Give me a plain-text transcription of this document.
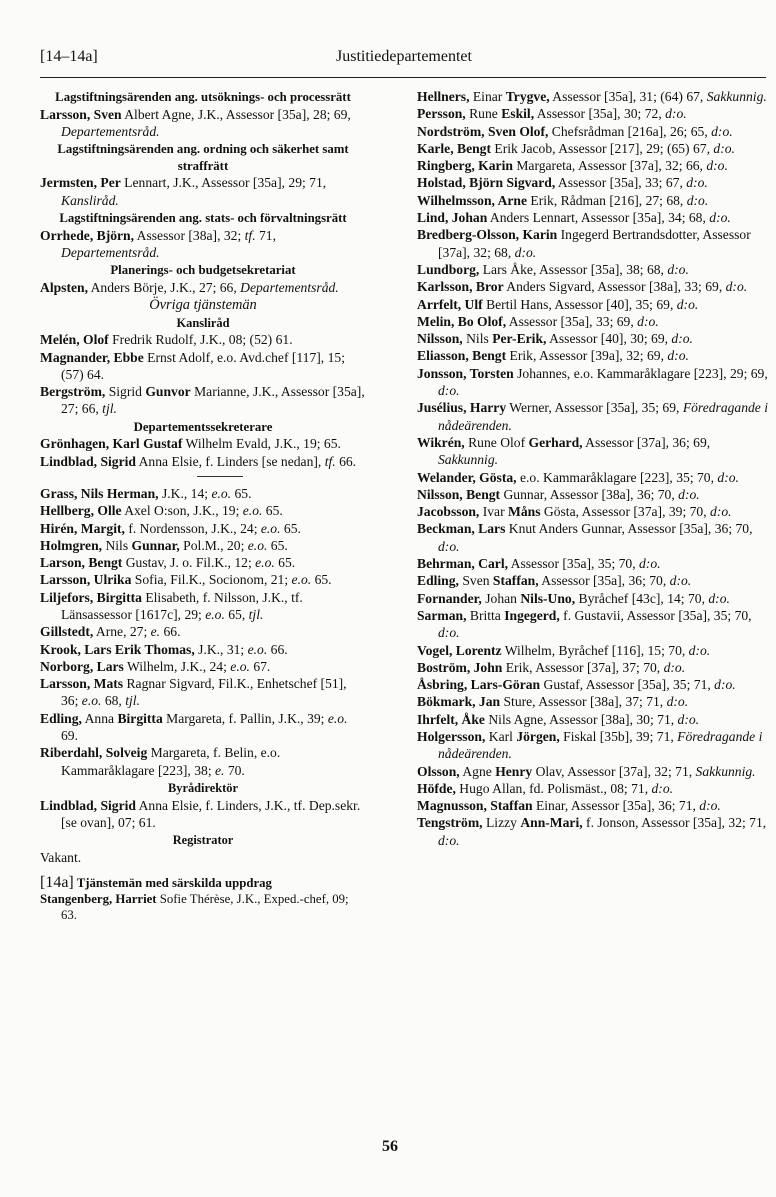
[14–14a]	Justitiedepartementet
Lagstiftningsärenden ang. utsöknings- och processrätt
Larsson, Sven Albert Agne, J.K., Assessor [35a], 28; 69, Departementsråd.
Lagstiftningsärenden ang. ordning och säkerhet samt straffrätt
Jermsten, Per Lennart, J.K., Assessor [35a], 29; 71, Kansliråd.
Lagstiftningsärenden ang. stats- och förvaltningsrätt
Orrhede, Björn, Assessor [38a], 32; tf. 71, Departementsråd.
Planerings- och budgetsekretariat
Alpsten, Anders Börje, J.K., 27; 66, Departementsråd.
Övriga tjänstemän
Kansliråd
Melén, Olof Fredrik Rudolf, J.K., 08; (52) 61.
Magnander, Ebbe Ernst Adolf, e.o. Avd.chef [117], 15; (57) 64.
Bergström, Sigrid Gunvor Marianne, J.K., Assessor [35a], 27; 66, tjl.
Departementssekreterare
Grönhagen, Karl Gustaf Wilhelm Evald, J.K., 19; 65.
Lindblad, Sigrid Anna Elsie, f. Linders [se nedan], tf. 66.
Grass, Nils Herman, J.K., 14; e.o. 65.
Hellberg, Olle Axel O:son, J.K., 19; e.o. 65.
Hirén, Margit, f. Nordensson, J.K., 24; e.o. 65.
Holmgren, Nils Gunnar, Pol.M., 20; e.o. 65.
Larson, Bengt Gustav, J. o. Fil.K., 12; e.o. 65.
Larsson, Ulrika Sofia, Fil.K., Socionom, 21; e.o. 65.
Liljefors, Birgitta Elisabeth, f. Nilsson, J.K., tf. Länsassessor [1617c], 29; e.o. 65, tjl.
Gillstedt, Arne, 27; e. 66.
Krook, Lars Erik Thomas, J.K., 31; e.o. 66.
Norborg, Lars Wilhelm, J.K., 24; e.o. 67.
Larsson, Mats Ragnar Sigvard, Fil.K., Enhetschef [51], 36; e.o. 68, tjl.
Edling, Anna Birgitta Margareta, f. Pallin, J.K., 39; e.o. 69.
Riberdahl, Solveig Margareta, f. Belin, e.o. Kammaråklagare [223], 38; e. 70.
Byrådirektör
Lindblad, Sigrid Anna Elsie, f. Linders, J.K., tf. Dep.sekr. [se ovan], 07; 61.
Registrator
Vakant.
[14a] Tjänstemän med särskilda uppdrag
Stangenberg, Harriet Sofie Thérèse, J.K., Exped.-chef, 09; 63.
Hellners, Einar Trygve, Assessor [35a], 31; (64) 67, Sakkunnig.
Persson, Rune Eskil, Assessor [35a], 30; 72, d:o.
Nordström, Sven Olof, Chefsrådman [216a], 26; 65, d:o.
Karle, Bengt Erik Jacob, Assessor [217], 29; (65) 67, d:o.
Ringberg, Karin Margareta, Assessor [37a], 32; 66, d:o.
Holstad, Björn Sigvard, Assessor [35a], 33; 67, d:o.
Wilhelmsson, Arne Erik, Rådman [216], 27; 68, d:o.
Lind, Johan Anders Lennart, Assessor [35a], 34; 68, d:o.
Bredberg-Olsson, Karin Ingegerd Bertrandsdotter, Assessor [37a], 32; 68, d:o.
Lundborg, Lars Åke, Assessor [35a], 38; 68, d:o.
Karlsson, Bror Anders Sigvard, Assessor [38a], 33; 69, d:o.
Arrfelt, Ulf Bertil Hans, Assessor [40], 35; 69, d:o.
Melin, Bo Olof, Assessor [35a], 33; 69, d:o.
Nilsson, Nils Per-Erik, Assessor [40], 30; 69, d:o.
Eliasson, Bengt Erik, Assessor [39a], 32; 69, d:o.
Jonsson, Torsten Johannes, e.o. Kammaråklagare [223], 29; 69, d:o.
Jusélius, Harry Werner, Assessor [35a], 35; 69, Föredragande i nådeärenden.
Wikrén, Rune Olof Gerhard, Assessor [37a], 36; 69, Sakkunnig.
Welander, Gösta, e.o. Kammaråklagare [223], 35; 70, d:o.
Nilsson, Bengt Gunnar, Assessor [38a], 36; 70, d:o.
Jacobsson, Ivar Måns Gösta, Assessor [37a], 39; 70, d:o.
Beckman, Lars Knut Anders Gunnar, Assessor [35a], 36; 70, d:o.
Behrman, Carl, Assessor [35a], 35; 70, d:o.
Edling, Sven Staffan, Assessor [35a], 36; 70, d:o.
Fornander, Johan Nils-Uno, Byråchef [43c], 14; 70, d:o.
Sarman, Britta Ingegerd, f. Gustavii, Assessor [35a], 35; 70, d:o.
Vogel, Lorentz Wilhelm, Byråchef [116], 15; 70, d:o.
Boström, John Erik, Assessor [37a], 37; 70, d:o.
Åsbring, Lars-Göran Gustaf, Assessor [35a], 35; 71, d:o.
Bökmark, Jan Sture, Assessor [38a], 37; 71, d:o.
Ihrfelt, Åke Nils Agne, Assessor [38a], 30; 71, d:o.
Holgersson, Karl Jörgen, Fiskal [35b], 39; 71, Föredragande i nådeärenden.
Olsson, Agne Henry Olav, Assessor [37a], 32; 71, Sakkunnig.
Höfde, Hugo Allan, fd. Polismäst., 08; 71, d:o.
Magnusson, Staffan Einar, Assessor [35a], 36; 71, d:o.
Tengström, Lizzy Ann-Mari, f. Jonson, Assessor [35a], 32; 71, d:o.
56
